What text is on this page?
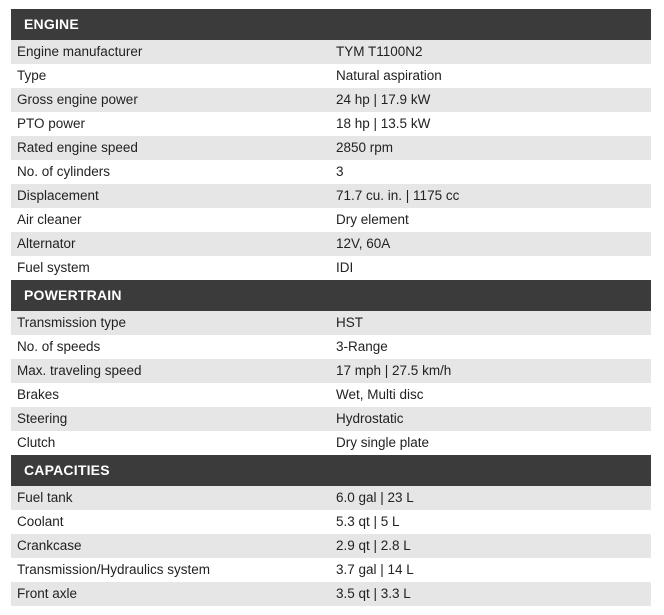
ENGINE
Engine manufacturer	TYM T1100N2
Type	Natural aspiration
Gross engine power	24 hp | 17.9 kW
PTO power	18 hp | 13.5 kW
Rated engine speed	2850 rpm
No. of cylinders	3
Displacement	71.7 cu. in. | 1175 cc
Air cleaner	Dry element
Alternator	12V, 60A
Fuel system	IDI
POWERTRAIN
Transmission type	HST
No. of speeds	3-Range
Max. traveling speed	17 mph | 27.5 km/h
Brakes	Wet, Multi disc
Steering	Hydrostatic
Clutch	Dry single plate
CAPACITIES
Fuel tank	6.0 gal | 23 L
Coolant	5.3 qt | 5 L
Crankcase	2.9 qt | 2.8 L
Transmission/Hydraulics system	3.7 gal | 14 L
Front axle	3.5 qt | 3.3 L
